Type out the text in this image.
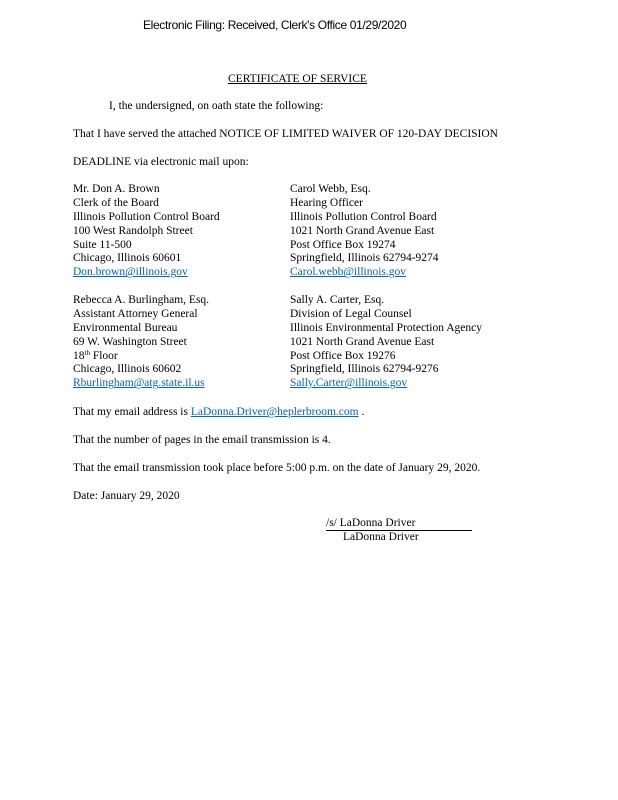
Electronic Filing: Received, Clerk's Office 01/29/2020
CERTIFICATE OF SERVICE
I, the undersigned, on oath state the following:
That I have served the attached NOTICE OF LIMITED WAIVER OF 120-DAY DECISION
DEADLINE via electronic mail upon:
Mr. Don A. Brown
Clerk of the Board
Illinois Pollution Control Board
100 West Randolph Street
Suite 11-500
Chicago, Illinois 60601
Don.brown@illinois.gov
Carol Webb, Esq.
Hearing Officer
Illinois Pollution Control Board
1021 North Grand Avenue East
Post Office Box 19274
Springfield, Illinois 62794-9274
Carol.webb@illinois.gov
Rebecca A. Burlingham, Esq.
Assistant Attorney General
Environmental Bureau
69 W. Washington Street
18th Floor
Chicago, Illinois 60602
Rburlingham@atg.state.il.us
Sally A. Carter, Esq.
Division of Legal Counsel
Illinois Environmental Protection Agency
1021 North Grand Avenue East
Post Office Box 19276
Springfield, Illinois 62794-9276
Sally.Carter@illinois.gov
That my email address is LaDonna.Driver@heplerbroom.com .
That the number of pages in the email transmission is 4.
That the email transmission took place before 5:00 p.m. on the date of January 29, 2020.
Date: January 29, 2020
/s/ LaDonna Driver
LaDonna Driver
